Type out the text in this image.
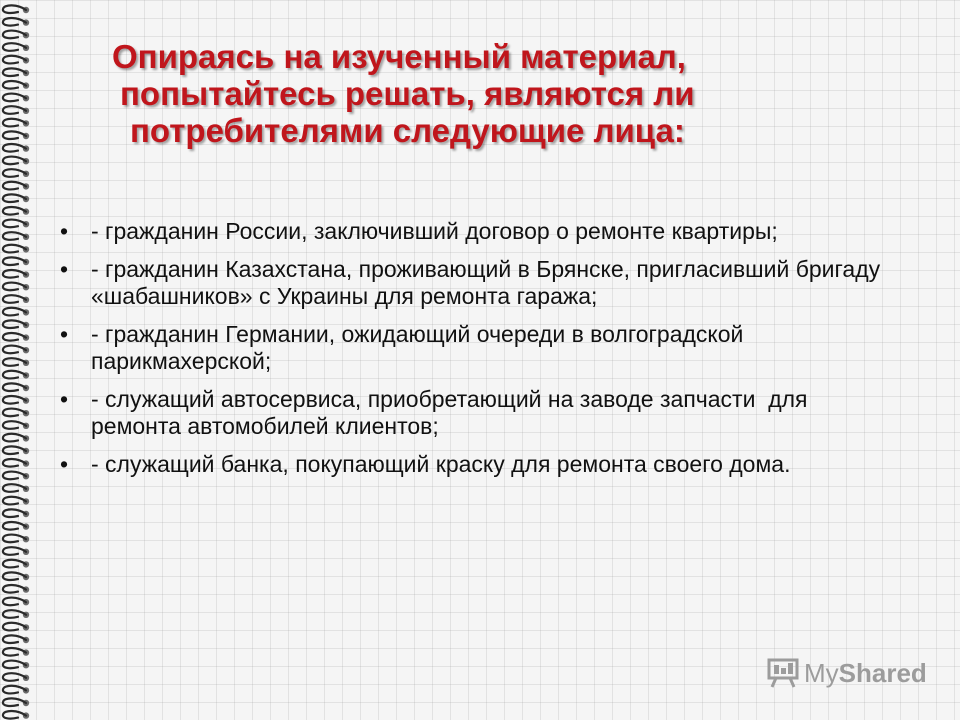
Опираясь на изученный материал,
попытайтесь решать, являются ли
потребителями следующие лица:
• - гражданин России, заключивший договор о ремонте квартиры;
• - гражданин Казахстана, проживающий в Брянске, пригласивший бригаду «шабашников» с Украины для ремонта гаража;
• - гражданин Германии, ожидающий очереди в волгоградской парикмахерской;
• - служащий автосервиса, приобретающий на заводе запчасти  для   ремонта автомобилей клиентов;
• - служащий банка, покупающий краску для ремонта своего дома.
My Shared
